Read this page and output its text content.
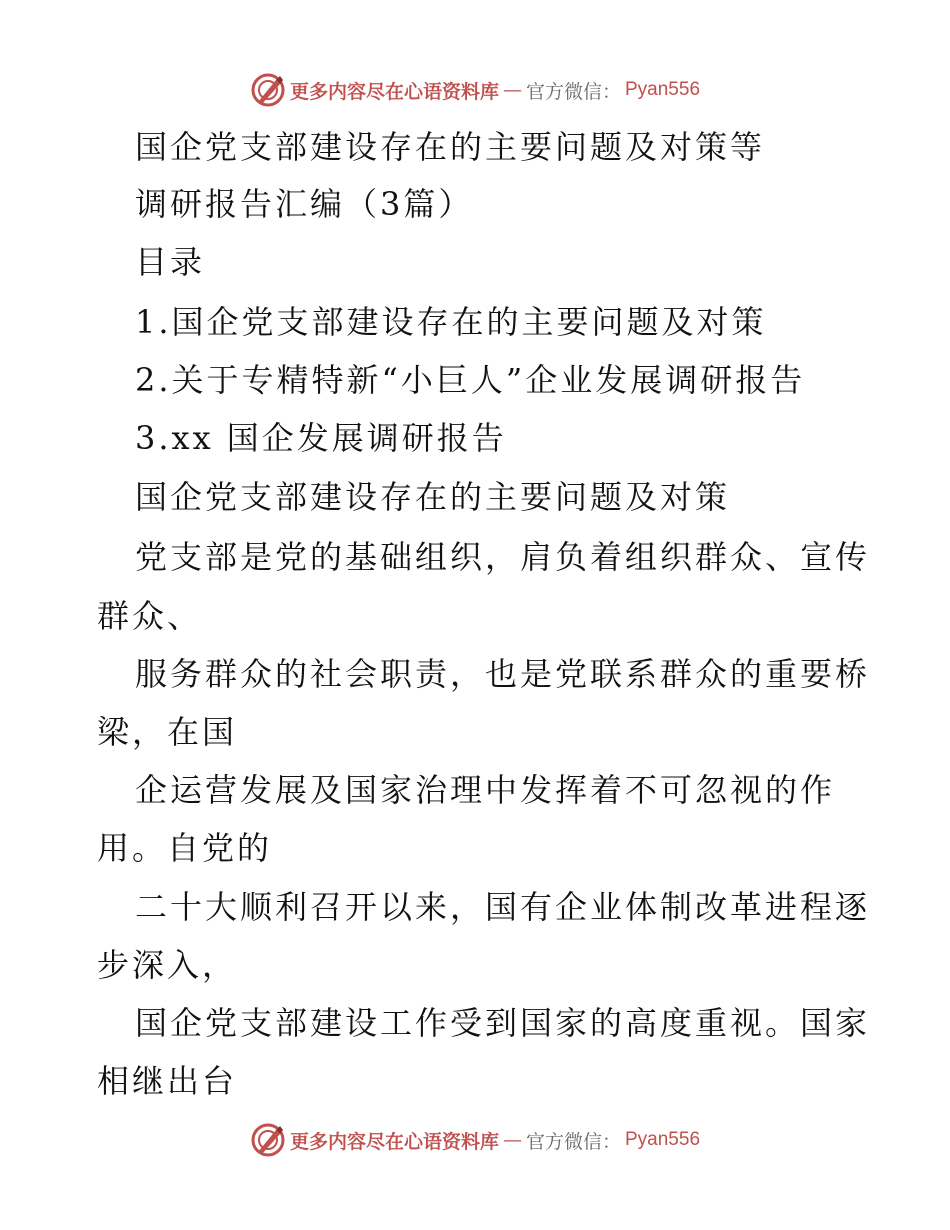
更多内容尽在心语资料库 — 官方微信： Pyan556
国企党支部建设存在的主要问题及对策等
调研报告汇编（3篇）
目录
1.国企党支部建设存在的主要问题及对策
2.关于专精特新“小巨人”企业发展调研报告
3.xx 国企发展调研报告
国企党支部建设存在的主要问题及对策
党支部是党的基础组织，肩负着组织群众、宣传
群众、
服务群众的社会职责，也是党联系群众的重要桥
梁，在国
企运营发展及国家治理中发挥着不可忽视的作
用。自党的
二十大顺利召开以来，国有企业体制改革进程逐
步深入，
国企党支部建设工作受到国家的高度重视。国家
相继出台
更多内容尽在心语资料库 — 官方微信： Pyan556
